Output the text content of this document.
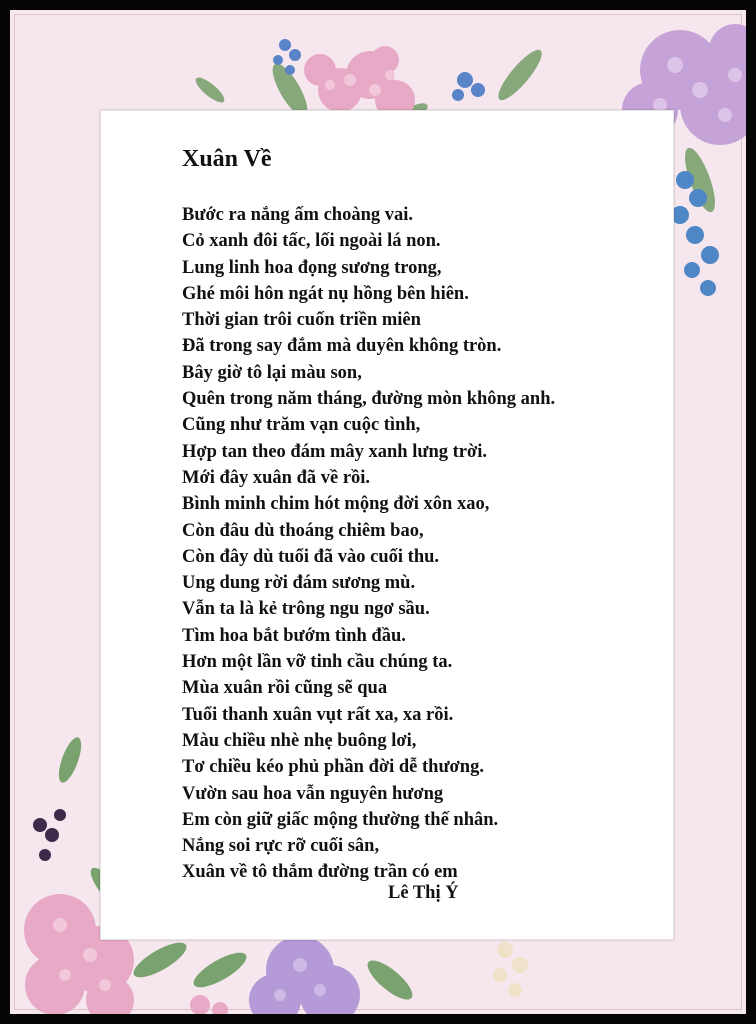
Xuân Về
Bước ra nắng ấm choàng vai.
Cỏ xanh đôi tấc, lối ngoài lá non.
Lung linh hoa đọng sương trong,
Ghé môi hôn ngát nụ hồng bên hiên.
Thời gian trôi cuốn triền miên
Đã trong say đắm mà duyên không tròn.
Bây giờ tô lại màu son,
Quên trong năm tháng, đường mòn không anh.
Cũng như trăm vạn cuộc tình,
Hợp tan theo đám mây xanh lưng trời.
Mới đây xuân đã về rồi.
Bình minh chim hót mộng đời xôn xao,
Còn đâu dù thoáng chiêm bao,
Còn đây dù tuổi đã vào cuối thu.
Ung dung rời đám sương mù.
Vẫn ta là kẻ trông ngu ngơ sầu.
Tìm hoa bắt bướm tình đầu.
Hơn một lần vỡ tinh cầu chúng ta.
Mùa xuân rồi cũng sẽ qua
Tuổi thanh xuân vụt rất xa, xa rồi.
Màu chiều nhè nhẹ buông lơi,
Tơ chiều kéo phủ phần đời dễ thương.
Vườn sau hoa vẫn nguyên hương
Em còn giữ giấc mộng thường thế nhân.
Nắng soi rực rỡ cuối sân,
Xuân về tô thắm đường trần có em
Lê Thị Ý
